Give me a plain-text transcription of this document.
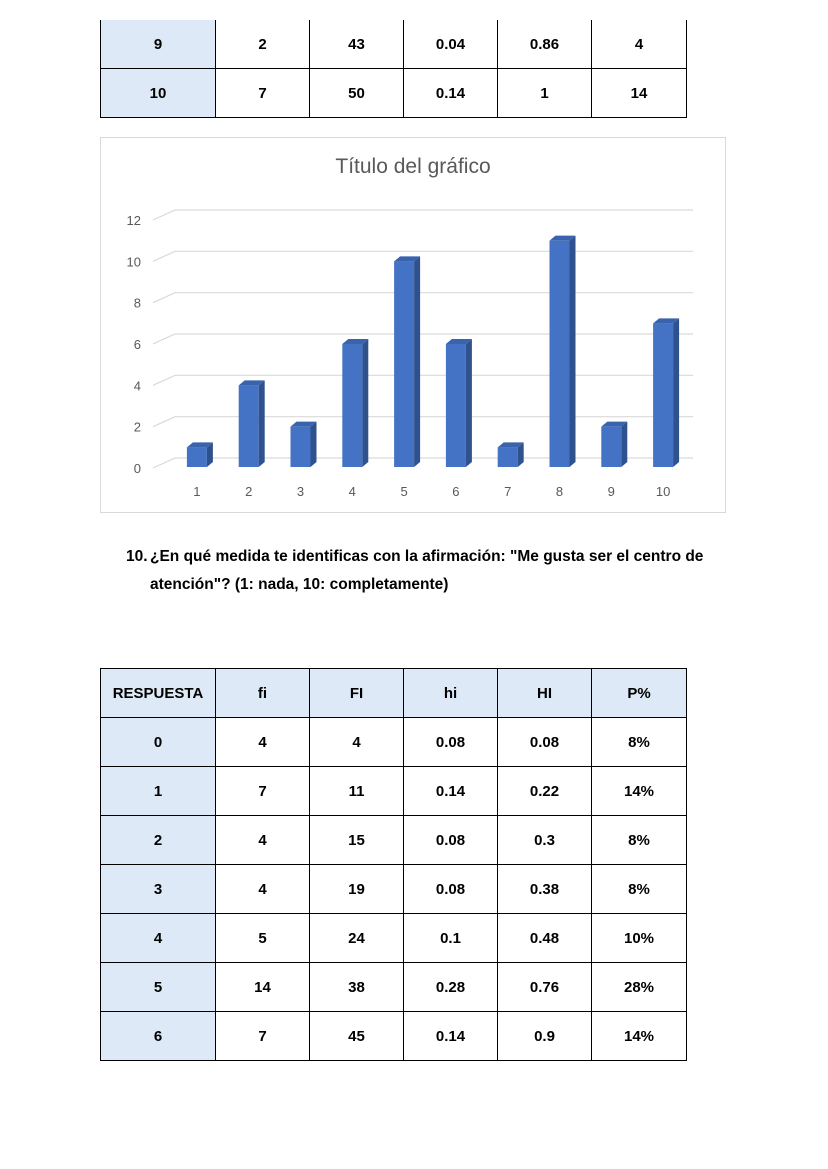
9	2	43	0.04	0.86	4
10	7	50	0.14	1	14
Título del gráfico
0
2
4
6
8
10
12
1	2	3	4	5	6	7	8	9	10
10. ¿En qué medida te identificas con la afirmación: "Me gusta ser el centro de atención"? (1: nada, 10: completamente)
RESPUESTA	fi	FI	hi	HI	P%
0	4	4	0.08	0.08	8%
1	7	11	0.14	0.22	14%
2	4	15	0.08	0.3	8%
3	4	19	0.08	0.38	8%
4	5	24	0.1	0.48	10%
5	14	38	0.28	0.76	28%
6	7	45	0.14	0.9	14%
